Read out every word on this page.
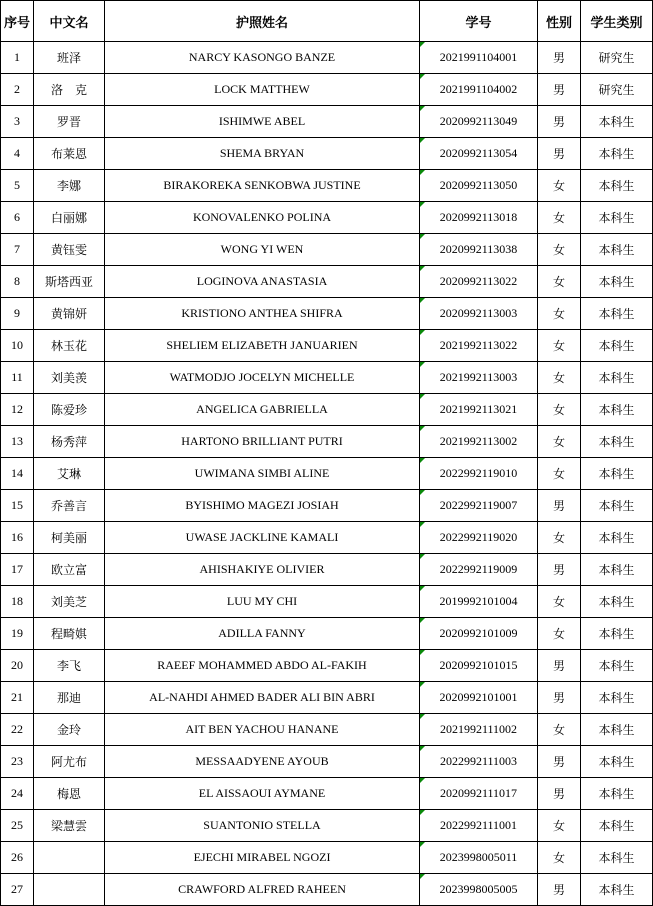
序号	中文名	护照姓名	学号	性别	学生类别
1	班泽	NARCY KASONGO BANZE	2021991104001	男	研究生
2	洛　克	LOCK MATTHEW	2021991104002	男	研究生
3	罗晋	ISHIMWE ABEL	2020992113049	男	本科生
4	布莱恩	SHEMA BRYAN	2020992113054	男	本科生
5	李娜	BIRAKOREKA SENKOBWA JUSTINE	2020992113050	女	本科生
6	白丽娜	KONOVALENKO POLINA	2020992113018	女	本科生
7	黄钰雯	WONG YI WEN	2020992113038	女	本科生
8	斯塔西亚	LOGINOVA ANASTASIA	2020992113022	女	本科生
9	黄锦妍	KRISTIONO ANTHEA SHIFRA	2020992113003	女	本科生
10	林玉花	SHELIEM ELIZABETH JANUARIEN	2021992113022	女	本科生
11	刘美羡	WATMODJO JOCELYN MICHELLE	2021992113003	女	本科生
12	陈爱珍	ANGELICA GABRIELLA	2021992113021	女	本科生
13	杨秀萍	HARTONO BRILLIANT PUTRI	2021992113002	女	本科生
14	艾琳	UWIMANA SIMBI ALINE	2022992119010	女	本科生
15	乔善言	BYISHIMO MAGEZI JOSIAH	2022992119007	男	本科生
16	柯美丽	UWASE JACKLINE KAMALI	2022992119020	女	本科生
17	欧立富	AHISHAKIYE OLIVIER	2022992119009	男	本科生
18	刘美芝	LUU MY CHI	2019992101004	女	本科生
19	程畸娸	ADILLA FANNY	2020992101009	女	本科生
20	李飞	RAEEF MOHAMMED ABDO AL-FAKIH	2020992101015	男	本科生
21	那迪	AL-NAHDI AHMED BADER ALI BIN ABRI	2020992101001	男	本科生
22	金玲	AIT BEN YACHOU HANANE	2021992111002	女	本科生
23	阿尤布	MESSAADYENE AYOUB	2022992111003	男	本科生
24	梅恩	EL AISSAOUI AYMANE	2020992111017	男	本科生
25	梁慧雲	SUANTONIO STELLA	2022992111001	女	本科生
26		EJECHI MIRABEL NGOZI	2023998005011	女	本科生
27		CRAWFORD ALFRED RAHEEN	2023998005005	男	本科生
